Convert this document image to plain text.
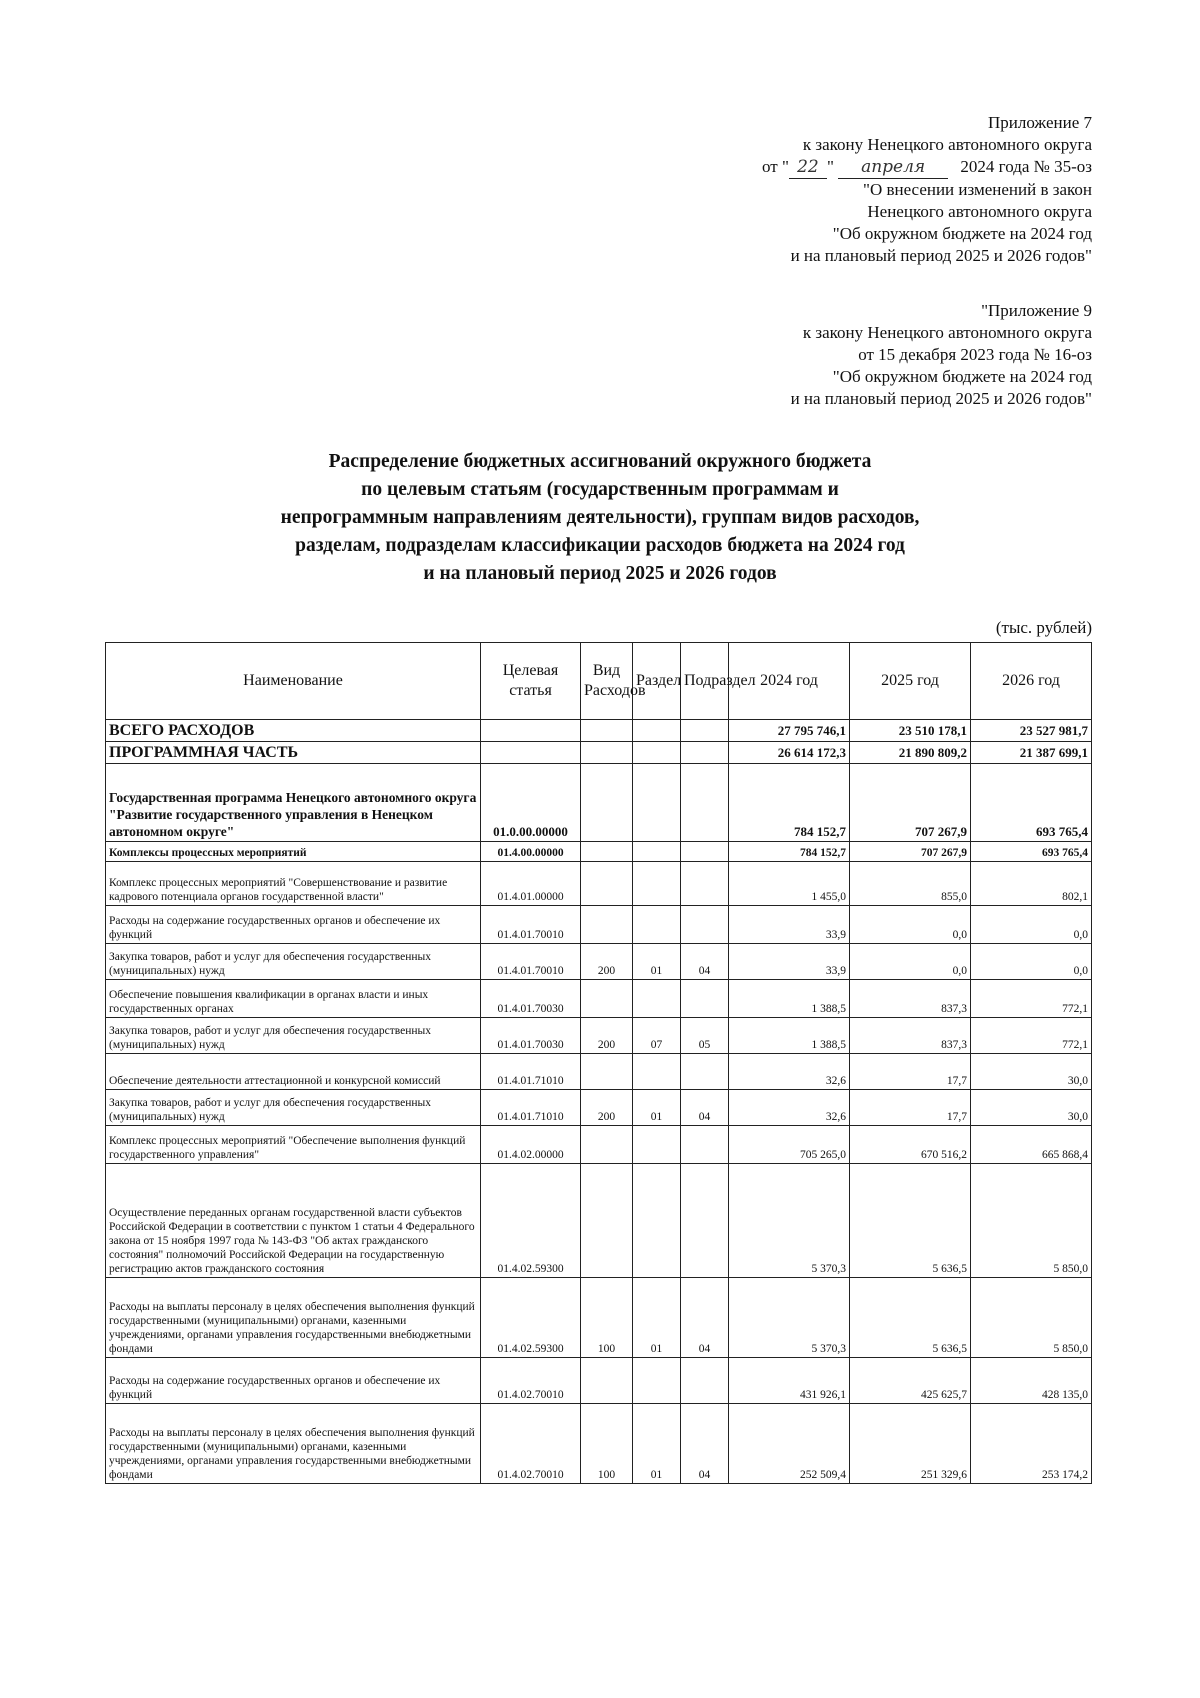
Приложение 7
к закону Ненецкого автономного округа
от " 22 " апреля 2024 года № 35-оз
"О внесении изменений в закон
Ненецкого автономного округа
"Об окружном бюджете на 2024 год
и на плановый период 2025 и 2026 годов"
"Приложение 9
к закону Ненецкого автономного округа
от 15 декабря 2023 года № 16-оз
"Об окружном бюджете на 2024 год
и на плановый период 2025 и 2026 годов"
Распределение бюджетных ассигнований окружного бюджета
по целевым статьям (государственным программам и
непрограммным направлениям деятельности), группам видов расходов,
разделам, подразделам классификации расходов бюджета на 2024 год
и на плановый период 2025 и 2026 годов
(тыс. рублей)
Наименование	Целевая статья	Вид Расходов	Раздел	Подраздел	2024 год	2025 год	2026 год
ВСЕГО РАСХОДОВ					27 795 746,1	23 510 178,1	23 527 981,7
ПРОГРАММНАЯ ЧАСТЬ					26 614 172,3	21 890 809,2	21 387 699,1
Государственная программа Ненецкого автономного округа "Развитие государственного управления в Ненецком автономном округе"	01.0.00.00000				784 152,7	707 267,9	693 765,4
Комплексы процессных мероприятий	01.4.00.00000				784 152,7	707 267,9	693 765,4
Комплекс процессных мероприятий "Совершенствование и развитие кадрового потенциала органов государственной власти"	01.4.01.00000				1 455,0	855,0	802,1
Расходы на содержание государственных органов и обеспечение их функций	01.4.01.70010				33,9	0,0	0,0
Закупка товаров, работ и услуг для обеспечения государственных (муниципальных) нужд	01.4.01.70010	200	01	04	33,9	0,0	0,0
Обеспечение повышения квалификации в органах власти и иных государственных органах	01.4.01.70030				1 388,5	837,3	772,1
Закупка товаров, работ и услуг для обеспечения государственных (муниципальных) нужд	01.4.01.70030	200	07	05	1 388,5	837,3	772,1
Обеспечение деятельности аттестационной и конкурсной комиссий	01.4.01.71010				32,6	17,7	30,0
Закупка товаров, работ и услуг для обеспечения государственных (муниципальных) нужд	01.4.01.71010	200	01	04	32,6	17,7	30,0
Комплекс процессных мероприятий "Обеспечение выполнения функций государственного управления"	01.4.02.00000				705 265,0	670 516,2	665 868,4
Осуществление переданных органам государственной власти субъектов Российской Федерации в соответствии с пунктом 1 статьи 4 Федерального закона от 15 ноября 1997 года № 143-ФЗ "Об актах гражданского состояния" полномочий Российской Федерации на государственную регистрацию актов гражданского состояния	01.4.02.59300				5 370,3	5 636,5	5 850,0
Расходы на выплаты персоналу в целях обеспечения выполнения функций государственными (муниципальными) органами, казенными учреждениями, органами управления государственными внебюджетными фондами	01.4.02.59300	100	01	04	5 370,3	5 636,5	5 850,0
Расходы на содержание государственных органов и обеспечение их функций	01.4.02.70010				431 926,1	425 625,7	428 135,0
Расходы на выплаты персоналу в целях обеспечения выполнения функций государственными (муниципальными) органами, казенными учреждениями, органами управления государственными внебюджетными фондами	01.4.02.70010	100	01	04	252 509,4	251 329,6	253 174,2
